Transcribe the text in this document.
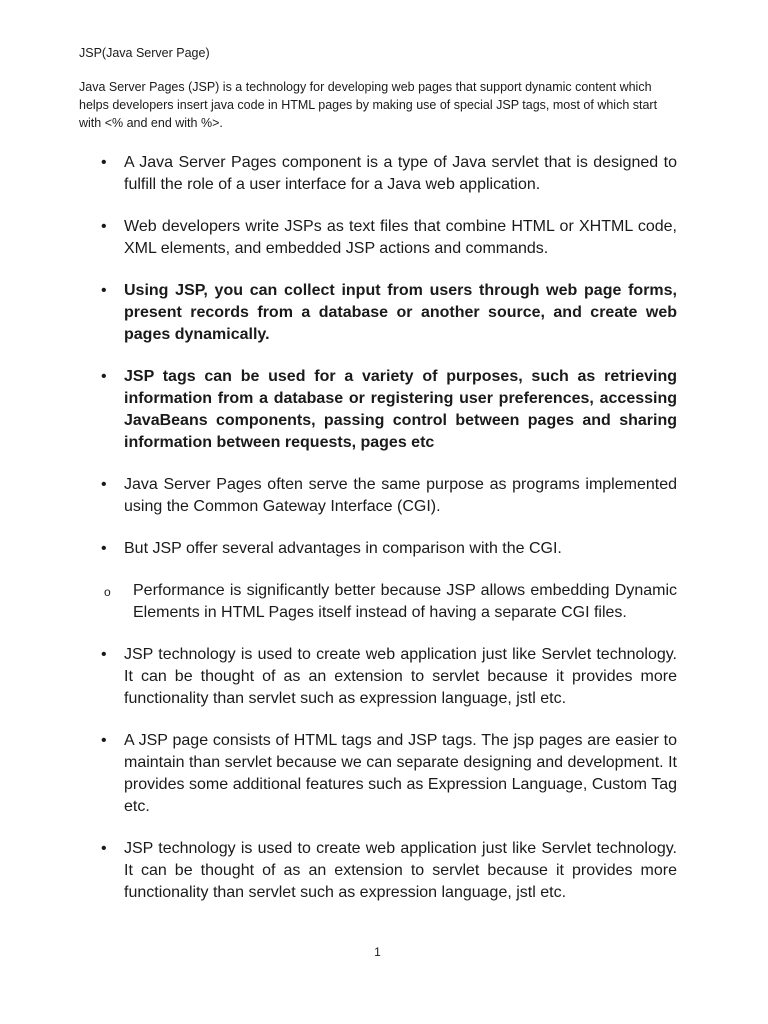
JSP(Java Server Page)
Java Server Pages (JSP) is a technology for developing web pages that support dynamic content which helps developers insert java code in HTML pages by making use of special JSP tags, most of which start with <% and end with %>.
• A Java Server Pages component is a type of Java servlet that is designed to fulfill the role of a user interface for a Java web application.
• Web developers write JSPs as text files that combine HTML or XHTML code, XML elements, and embedded JSP actions and commands.
• Using JSP, you can collect input from users through web page forms, present records from a database or another source, and create web pages dynamically.
• JSP tags can be used for a variety of purposes, such as retrieving information from a database or registering user preferences, accessing JavaBeans components, passing control between pages and sharing information between requests, pages etc
• Java Server Pages often serve the same purpose as programs implemented using the Common Gateway Interface (CGI).
• But JSP offer several advantages in comparison with the CGI.
o Performance is significantly better because JSP allows embedding Dynamic Elements in HTML Pages itself instead of having a separate CGI files.
• JSP technology is used to create web application just like Servlet technology. It can be thought of as an extension to servlet because it provides more functionality than servlet such as expression language, jstl etc.
• A JSP page consists of HTML tags and JSP tags. The jsp pages are easier to maintain than servlet because we can separate designing and development. It provides some additional features such as Expression Language, Custom Tag etc.
• JSP technology is used to create web application just like Servlet technology. It can be thought of as an extension to servlet because it provides more functionality than servlet such as expression language, jstl etc.
1
